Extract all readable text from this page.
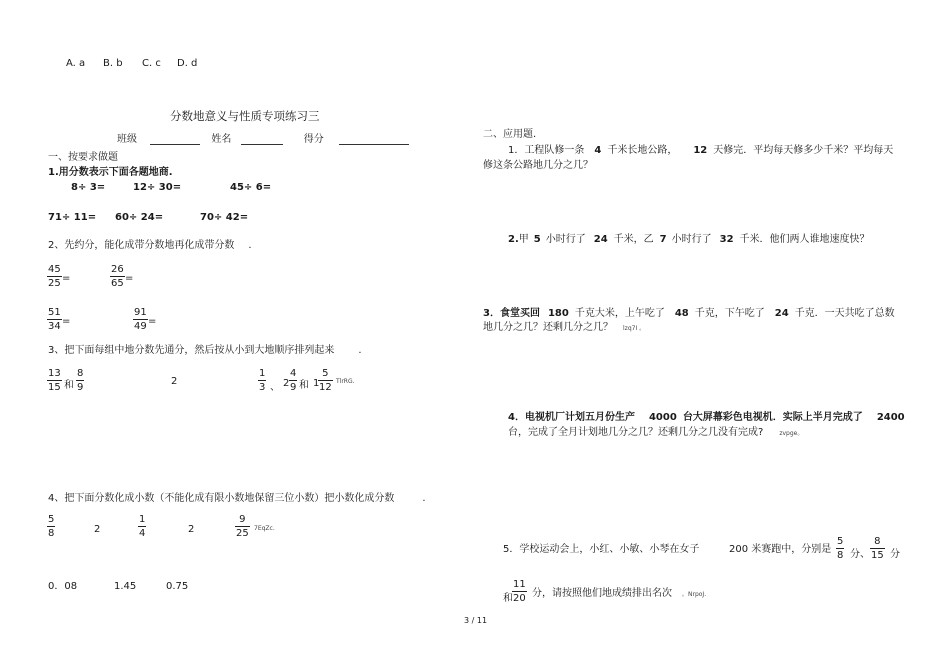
A. a B. b C. c D. d
分数地意义与性质专项练习三
班级	姓名	得分
一、按要求做题
1.用分数表示下面各题地商.
8÷ 3=	12÷ 30=	45÷ 6=
71÷ 11= 60÷ 24=	70÷ 42=
2、先约分，能化成带分数地再化成带分数 .
45
25 =
26
65 =
51
34 =
91
49 =
3、把下面每组中地分数先通分，然后按从小到大地顺序排列起来 .
13
15 和
8
9
2
1
3 、 2
4
9 和 1
5
12
TlrRG.
4、把下面分数化成小数（不能化成有限小数地保留三位小数）把小数化成分数	.
5
8	2
1
4	2
9
25 7EqZc.
0．08	1.45	0.75
二、应用题.
1．工程队修一条 4 千米长地公路， 12 天修完．平均每天修多少千米？平均每天
修这条公路地几分之几？
2.甲 5 小时行了 24 千米，乙 7 小时行了 32 千米．他们两人谁地速度快？
3．食堂买回 180 千克大米，上午吃了 48 千克，下午吃了 24 千克．一天共吃了总数
地几分之几？还剩几分之几？ lzq7I 。
4．电视机厂计划五月份生产 4000 台大屏幕彩色电视机．实际上半月完成了 2400
台，完成了全月计划地几分之几？还剩几分之几没有完成?	zvpge。
5．学校运动会上，小红、小敏、小琴在女子	200 米赛跑中，分别是
5
8 分、
8
15 分
和
11
20 分，请按照他们地成绩排出名次 。NrpoJ.
3 / 11
